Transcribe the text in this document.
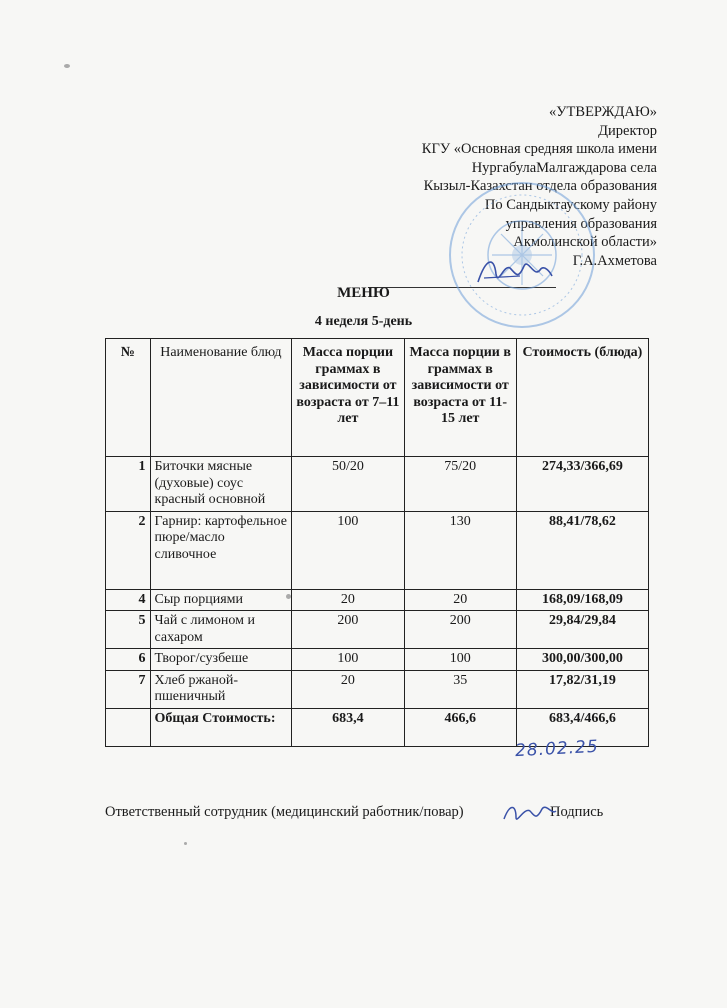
«УТВЕРЖДАЮ»
Директор
КГУ «Основная средняя школа имени
НургабулаМалгаждарова села
Кызыл-Казахстан отдела образования
По Сандыктаускому району
управления образования
Акмолинской области»
Г.А.Ахметова
МЕНЮ
4 неделя 5-день
№	Наименование блюд	Масса порции граммах в зависимости от возраста от 7–11 лет	Масса порции в граммах в зависимости от возраста от 11-15 лет	Стоимость (блюда)
1	Биточки мясные (духовые) соус красный основной	50/20	75/20	274,33/366,69
2	Гарнир: картофельное пюре/масло сливочное	100	130	88,41/78,62
4	Сыр порциями	20	20	168,09/168,09
5	Чай с лимоном и сахаром	200	200	29,84/29,84
6	Творог/сузбеше	100	100	300,00/300,00
7	Хлеб ржаной-пшеничный	20	35	17,82/31,19
	Общая Стоимость:	683,4	466,6	683,4/466,6
28.02.25
Ответственный сотрудник (медицинский работник/повар)	Подпись
